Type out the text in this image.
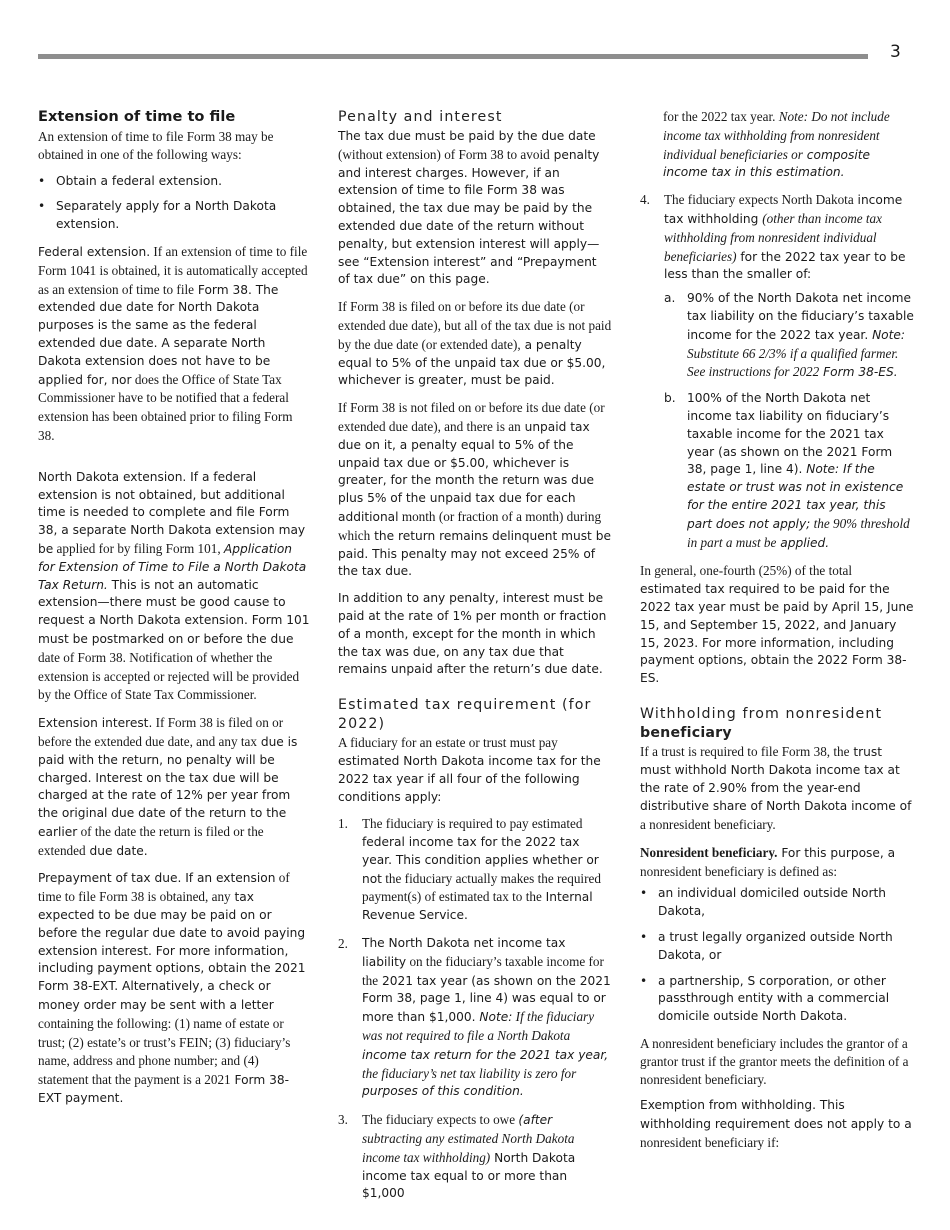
3
Extension of time to file

An extension of time to file Form 38 may be obtained in one of the following ways:

• Obtain a federal extension.
• Separately apply for a North Dakota extension.

Federal extension. If an extension of time to file Form 1041 is obtained, it is automatically accepted as an extension of time to file Form 38. The extended due date for North Dakota purposes is the same as the federal extended due date. A separate North Dakota extension does not have to be applied for, nor does the Office of State Tax Commissioner have to be notified that a federal extension has been obtained prior to filing Form 38.

North Dakota extension. If a federal extension is not obtained, but additional time is needed to complete and file Form 38, a separate North Dakota extension may be applied for by filing Form 101, Application for Extension of Time to File a North Dakota Tax Return. This is not an automatic extension—there must be good cause to request a North Dakota extension. Form 101 must be postmarked on or before the due date of Form 38. Notification of whether the extension is accepted or rejected will be provided by the Office of State Tax Commissioner.

Extension interest. If Form 38 is filed on or before the extended due date, and any tax due is paid with the return, no penalty will be charged. Interest on the tax due will be charged at the rate of 12% per year from the original due date of the return to the earlier of the date the return is filed or the extended due date.

Prepayment of tax due. If an extension of time to file Form 38 is obtained, any tax expected to be due may be paid on or before the regular due date to avoid paying extension interest. For more information, including payment options, obtain the 2021 Form 38-EXT. Alternatively, a check or money order may be sent with a letter containing the following: (1) name of estate or trust; (2) estate’s or trust’s FEIN; (3) fiduciary’s name, address and phone number; and (4) statement that the payment is a 2021 Form 38-EXT payment.

Penalty and interest

The tax due must be paid by the due date (without extension) of Form 38 to avoid penalty and interest charges. However, if an extension of time to file Form 38 was obtained, the tax due may be paid by the extended due date of the return without penalty, but extension interest will apply—see “Extension interest” and “Prepayment of tax due” on this page.

If Form 38 is filed on or before its due date (or extended due date), but all of the tax due is not paid by the due date (or extended date), a penalty equal to 5% of the unpaid tax due or $5.00, whichever is greater, must be paid.

If Form 38 is not filed on or before its due date (or extended due date), and there is an unpaid tax due on it, a penalty equal to 5% of the unpaid tax due or $5.00, whichever is greater, for the month the return was due plus 5% of the unpaid tax due for each additional month (or fraction of a month) during which the return remains delinquent must be paid. This penalty may not exceed 25% of the tax due.

In addition to any penalty, interest must be paid at the rate of 1% per month or fraction of a month, except for the month in which the tax was due, on any tax due that remains unpaid after the return’s due date.

Estimated tax requirement (for 2022)

A fiduciary for an estate or trust must pay estimated North Dakota income tax for the 2022 tax year if all four of the following conditions apply:

1. The fiduciary is required to pay estimated federal income tax for the 2022 tax year. This condition applies whether or not the fiduciary actually makes the required payment(s) of estimated tax to the Internal Revenue Service.
2. The North Dakota net income tax liability on the fiduciary’s taxable income for the 2021 tax year (as shown on the 2021 Form 38, page 1, line 4) was equal to or more than $1,000. Note: If the fiduciary was not required to file a North Dakota income tax return for the 2021 tax year, the fiduciary’s net tax liability is zero for purposes of this condition.
3. The fiduciary expects to owe (after subtracting any estimated North Dakota income tax withholding) North Dakota income tax equal to or more than $1,000

for the 2022 tax year. Note: Do not include income tax withholding from nonresident individual beneficiaries or composite income tax in this estimation.

4. The fiduciary expects North Dakota income tax withholding (other than income tax withholding from nonresident individual beneficiaries) for the 2022 tax year to be less than the smaller of:
a. 90% of the North Dakota net income tax liability on the fiduciary’s taxable income for the 2022 tax year. Note: Substitute 66 2/3% if a qualified farmer. See instructions for 2022 Form 38-ES.
b. 100% of the North Dakota net income tax liability on fiduciary’s taxable income for the 2021 tax year (as shown on the 2021 Form 38, page 1, line 4). Note: If the estate or trust was not in existence for the entire 2021 tax year, this part does not apply; the 90% threshold in part a must be applied.

In general, one-fourth (25%) of the total estimated tax required to be paid for the 2022 tax year must be paid by April 15, June 15, and September 15, 2022, and January 15, 2023. For more information, including payment options, obtain the 2022 Form 38-ES.

Withholding from nonresident
beneficiary

If a trust is required to file Form 38, the trust must withhold North Dakota income tax at the rate of 2.90% from the year-end distributive share of North Dakota income of a nonresident beneficiary.

Nonresident beneficiary. For this purpose, a nonresident beneficiary is defined as:

• an individual domiciled outside North Dakota,
• a trust legally organized outside North Dakota, or
• a partnership, S corporation, or other passthrough entity with a commercial domicile outside North Dakota.

A nonresident beneficiary includes the grantor of a grantor trust if the grantor meets the definition of a nonresident beneficiary.

Exemption from withholding. This withholding requirement does not apply to a nonresident beneficiary if:
